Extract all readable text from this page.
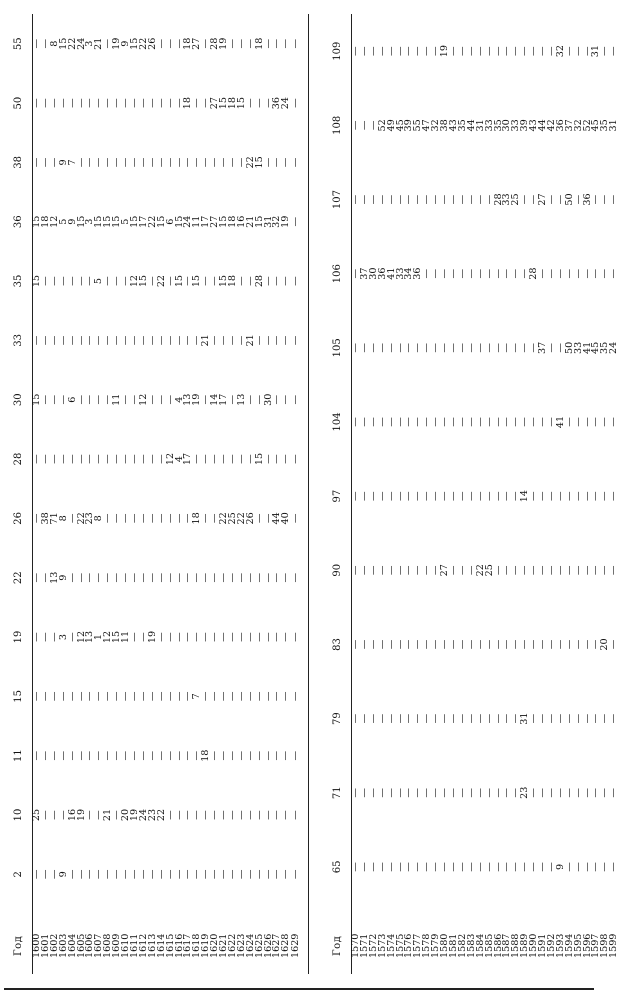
Год	2	10	11	15	19	22	26	28	30	33	35	36	38	50	55
1600	—	25	—	—	—	—	—	—	15	—	15	15	—	—	—
1601	—	—	—	—	—	—	38	—	—	—	—	18	—	—	—
1602	—	—	—	—	—	13	71	—	—	—	—	12	—	—	8
1603	9	—	—	—	3	9	8	—	—	—	—	5	9	—	15
1604	—	16	—	—	—	—	—	—	6	—	—	9	7	—	22
1605	—	19	—	—	12	—	22	—	—	—	—	15	—	—	24
1606	—	—	—	—	13	—	23	—	—	—	—	3	—	—	3
1607	—	—	—	—	1	—	8	—	—	—	5	15	—	—	21
1608	—	21	—	—	12	—	—	—	—	—	—	15	—	—	—
1609	—	—	—	—	15	—	—	—	11	—	—	15	—	—	19
1610	—	20	—	—	11	—	—	—	—	—	—	5	—	—	9
1611	—	19	—	—	—	—	—	—	—	—	12	15	—	—	15
1612	—	24	—	—	—	—	—	—	12	—	15	17	—	—	22
1613	—	23	—	—	19	—	—	—	—	—	—	22	—	—	26
1614	—	22	—	—	—	—	—	—	—	—	22	15	—	—	—
1615	—	—	—	—	—	—	—	12	—	—	—	6	—	—	—
1616	—	—	—	—	—	—	—	4	4	—	15	15	—	—	—
1617	—	—	—	—	—	—	—	17	13	—	—	24	—	18	18
1618	—	—	—	7	—	—	18	—	19	—	15	11	—	—	27
1619	—	—	18	—	—	—	—	—	—	21	—	17	—	—	—
1620	—	—	—	—	—	—	—	—	14	—	—	27	—	27	28
1621	—	—	—	—	—	—	22	—	17	—	15	15	—	15	19
1622	—	—	—	—	—	—	25	—	—	—	18	18	—	18	—
1623	—	—	—	—	—	—	22	—	13	—	—	16	—	15	—
1624	—	—	—	—	—	—	26	—	—	21	—	21	22	—	—
1625	—	—	—	—	—	—	—	15	—	—	28	15	15	—	18
1626	—	—	—	—	—	—	—	—	30	—	—	31	—	—	—
1627	—	—	—	—	—	—	44	—	—	—	—	32	—	36	—
1628	—	—	—	—	—	—	40	—	—	—	—	19	—	24	—
1629	—	—	—	—	—	—	—	—	—	—	—	—	—	—	—
Год	65	71	79	83	90	97	104	105	106	107	108	109
1570	—	—	—	—	—	—	—	—	—	—	—	—
1571	—	—	—	—	—	—	—	—	37	—	—	—
1572	—	—	—	—	—	—	—	—	30	—	—	—
1573	—	—	—	—	—	—	—	—	36	—	52	—
1574	—	—	—	—	—	—	—	—	41	—	49	—
1575	—	—	—	—	—	—	—	—	33	—	45	—
1576	—	—	—	—	—	—	—	—	34	—	39	—
1577	—	—	—	—	—	—	—	—	36	—	55	—
1578	—	—	—	—	—	—	—	—	—	—	47	—
1579	—	—	—	—	—	—	—	—	—	—	32	—
1580	—	—	—	—	27	—	—	—	—	—	38	19
1581	—	—	—	—	—	—	—	—	—	—	43	—
1582	—	—	—	—	—	—	—	—	—	—	35	—
1583	—	—	—	—	—	—	—	—	—	—	44	—
1584	—	—	—	—	22	—	—	—	—	—	31	—
1585	—	—	—	—	25	—	—	—	—	—	33	—
1586	—	—	—	—	—	—	—	—	—	28	35	—
1587	—	—	—	—	—	—	—	—	—	33	30	—
1588	—	—	—	—	—	—	—	—	—	25	33	—
1589	—	23	31	—	—	14	—	—	—	—	39	—
1590	—	—	—	—	—	—	—	—	28	—	43	—
1591	—	—	—	—	—	—	—	37	—	27	44	—
1592	—	—	—	—	—	—	—	—	—	—	42	—
1593	9	—	—	—	—	—	41	—	—	—	36	32
1594	—	—	—	—	—	—	—	50	—	50	37	—
1595	—	—	—	—	—	—	—	33	—	—	32	—
1596	—	—	—	—	—	—	—	41	—	36	52	—
1597	—	—	—	—	—	—	—	45	—	—	45	31
1598	—	—	—	20	—	—	—	35	—	—	35	—
1599	—	—	—	—	—	—	—	24	—	—	31	—
